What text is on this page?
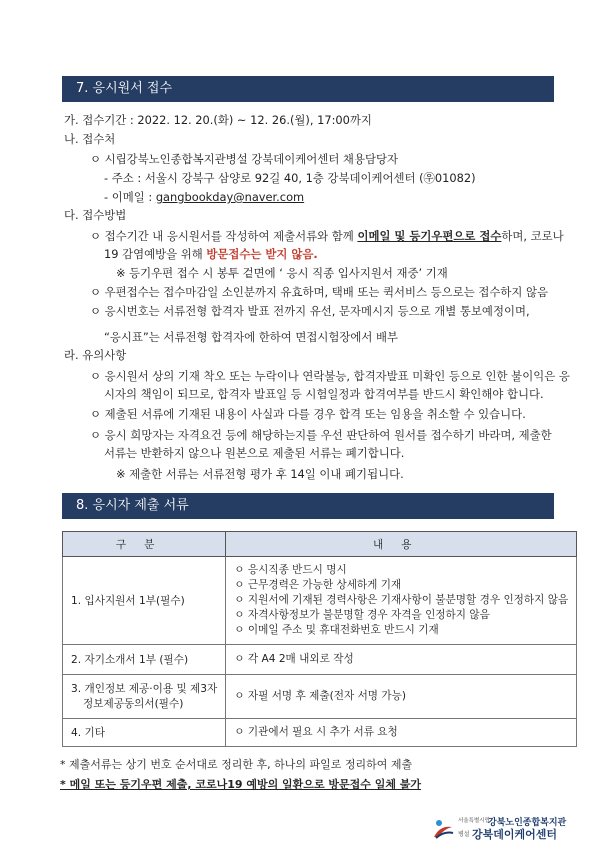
7. 응시원서 접수
가. 접수기간 : 2022. 12. 20.(화) ~ 12. 26.(월), 17:00까지
나. 접수처
ㅇ 시립강북노인종합복지관병설 강북데이케어센터 채용담당자
- 주소 : 서울시 강북구 삼양로 92길 40, 1층 강북데이케어센터 (㉾01082)
- 이메일 : gangbookday@naver.com
다. 접수방법
ㅇ 접수기간 내 응시원서를 작성하여 제출서류와 함께 이메일 및 등기우편으로 접수하며, 코로나
19 감염예방을 위해 방문접수는 받지 않음.
※ 등기우편 접수 시 봉투 겉면에 ‘ 응시 직종 입사지원서 재중’ 기재
ㅇ 우편접수는 접수마감일 소인분까지 유효하며, 택배 또는 퀵서비스 등으로는 접수하지 않음
ㅇ 응시번호는 서류전형 합격자 발표 전까지 유선, 문자메시지 등으로 개별 통보예정이며,
“응시표”는 서류전형 합격자에 한하여 면접시험장에서 배부
라. 유의사항
ㅇ 응시원서 상의 기재 착오 또는 누락이나 연락불능, 합격자발표 미확인 등으로 인한 불이익은 응
시자의 책임이 되므로, 합격자 발표일 등 시험일정과 합격여부를 반드시 확인해야 합니다.
ㅇ 제출된 서류에 기재된 내용이 사실과 다를 경우 합격 또는 임용을 취소할 수 있습니다.
ㅇ 응시 희망자는 자격요건 등에 해당하는지를 우선 판단하여 원서를 접수하기 바라며, 제출한
서류는 반환하지 않으나 원본으로 제출된 서류는 폐기합니다.
※ 제출한 서류는 서류전형 평가 후 14일 이내 폐기됩니다.
8. 응시자 제출 서류
구분	내용
1. 입사지원서 1부(필수)	ㅇ 응시직종 반드시 명시
ㅇ 근무경력은 가능한 상세하게 기재
ㅇ 지원서에 기재된 경력사항은 기재사항이 불분명할 경우 인정하지 않음
ㅇ 자격사항정보가 불분명할 경우 자격을 인정하지 않음
ㅇ 이메일 주소 및 휴대전화번호 반드시 기재

2. 자기소개서 1부 (필수)	ㅇ 각 A4 2매 내외로 작성

3. 개인정보 제공·이용 및 제3자
정보제공동의서(필수)	ㅇ 자필 서명 후 제출(전자 서명 가능)

4. 기타	ㅇ 기관에서 필요 시 추가 서류 요청
* 제출서류는 상기 번호 순서대로 정리한 후, 하나의 파일로 정리하여 제출
* 메일 또는 등기우편 제출, 코로나19 예방의 일환으로 방문접수 일체 불가
서울특별시립
강북노인종합복지관
병설 강북데이케어센터
